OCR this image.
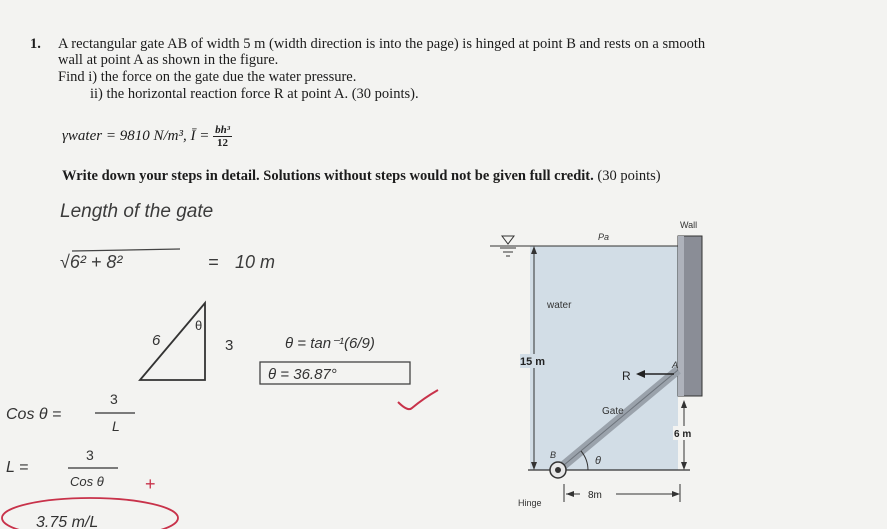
1. A rectangular gate AB of width 5 m (width direction is into the page) is hinged at point B and rests on a smooth
wall at point A as shown in the figure.
Find i) the force on the gate due the water pressure.
ii) the horizontal reaction force R at point A. (30 points).
γwater = 9810 N/m³, Ī = $\frac{\text{bh³}}{12}$
Write down your steps in detail. Solutions without steps would not be given full credit. (30 points)
Length of the gate
√6² + 8²	= 10 m
6	3
θ
θ = tan⁻¹(6/9)
θ = 36.87°
Cos θ =
3
L
L =
3
Cos θ +
3.75 m/L
15 m
water
Pa
Wall
Gate
A
R
B
Hinge
θ
6 m
8m
